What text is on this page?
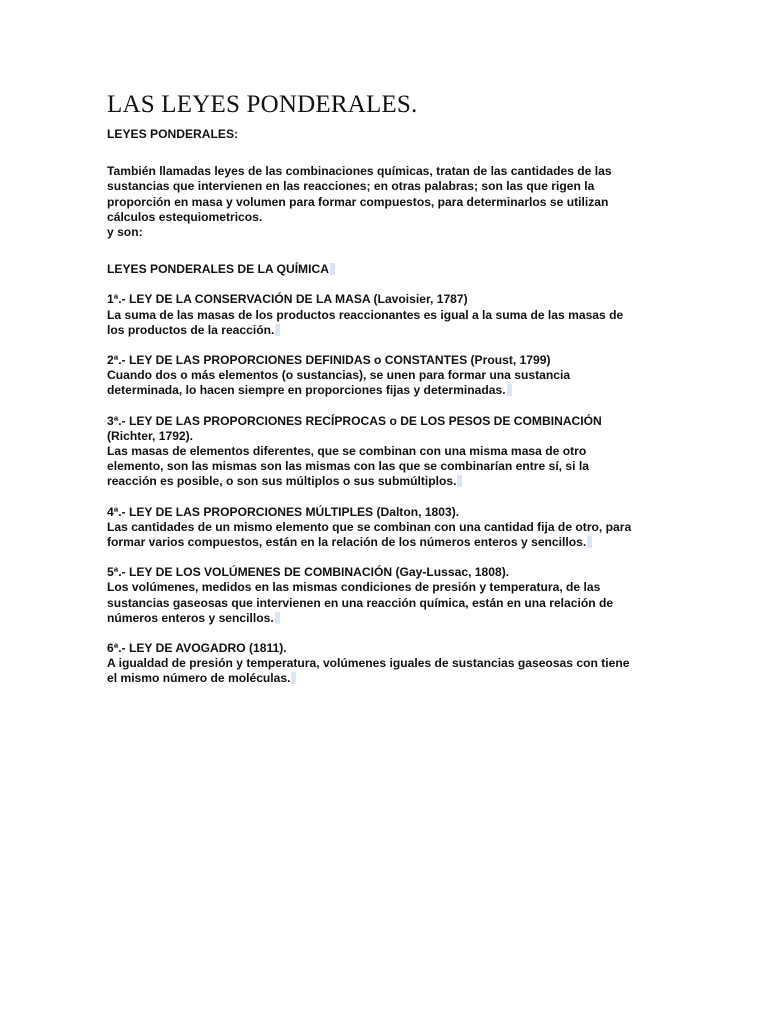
LAS LEYES PONDERALES.

LEYES PONDERALES:

También llamadas leyes de las combinaciones químicas, tratan de las cantidades de las
sustancias que intervienen en las reacciones; en otras palabras; son las que rigen la
proporción en masa y volumen para formar compuestos, para determinarlos se utilizan
cálculos estequiometricos.
y son:

LEYES PONDERALES DE LA QUÍMICA

1ª.- LEY DE LA CONSERVACIÓN DE LA MASA (Lavoisier, 1787)
La suma de las masas de los productos reaccionantes es igual a la suma de las masas de
los productos de la reacción.

2ª.- LEY DE LAS PROPORCIONES DEFINIDAS o CONSTANTES (Proust, 1799)
Cuando dos o más elementos (o sustancias), se unen para formar una sustancia
determinada, lo hacen siempre en proporciones fijas y determinadas.

3ª.- LEY DE LAS PROPORCIONES RECÍPROCAS o DE LOS PESOS DE COMBINACIÓN
(Richter, 1792).
Las masas de elementos diferentes, que se combinan con una misma masa de otro
elemento, son las mismas son las mismas con las que se combinarían entre sí, si la
reacción es posible, o son sus múltiplos o sus submúltiplos.

4ª.- LEY DE LAS PROPORCIONES MÚLTIPLES (Dalton, 1803).
Las cantidades de un mismo elemento que se combinan con una cantidad fija de otro, para
formar varios compuestos, están en la relación de los números enteros y sencillos.

5ª.- LEY DE LOS VOLÚMENES DE COMBINACIÓN (Gay-Lussac, 1808).
Los volúmenes, medidos en las mismas condiciones de presión y temperatura, de las
sustancias gaseosas que intervienen en una reacción química, están en una relación de
números enteros y sencillos.

6ª.- LEY DE AVOGADRO (1811).
A igualdad de presión y temperatura, volúmenes iguales de sustancias gaseosas con tiene
el mismo número de moléculas.
